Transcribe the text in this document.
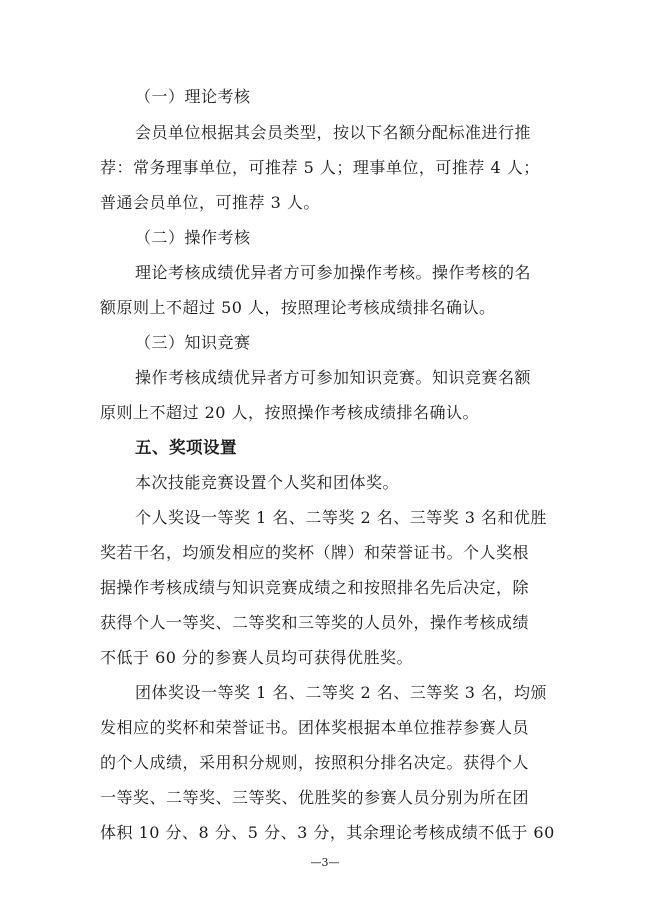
（一）理论考核
会员单位根据其会员类型，按以下名额分配标准进行推
荐：常务理事单位，可推荐 5 人；理事单位，可推荐 4 人；
普通会员单位，可推荐 3 人。
（二）操作考核
理论考核成绩优异者方可参加操作考核。操作考核的名
额原则上不超过 50 人，按照理论考核成绩排名确认。
（三）知识竞赛
操作考核成绩优异者方可参加知识竞赛。知识竞赛名额
原则上不超过 20 人，按照操作考核成绩排名确认。
五、奖项设置
本次技能竞赛设置个人奖和团体奖。
个人奖设一等奖 1 名、二等奖 2 名、三等奖 3 名和优胜
奖若干名，均颁发相应的奖杯（牌）和荣誉证书。个人奖根
据操作考核成绩与知识竞赛成绩之和按照排名先后决定，除
获得个人一等奖、二等奖和三等奖的人员外，操作考核成绩
不低于 60 分的参赛人员均可获得优胜奖。
团体奖设一等奖 1 名、二等奖 2 名、三等奖 3 名，均颁
发相应的奖杯和荣誉证书。团体奖根据本单位推荐参赛人员
的个人成绩，采用积分规则，按照积分排名决定。获得个人
一等奖、二等奖、三等奖、优胜奖的参赛人员分别为所在团
体积 10 分、8 分、5 分、3 分，其余理论考核成绩不低于 60
—3—
